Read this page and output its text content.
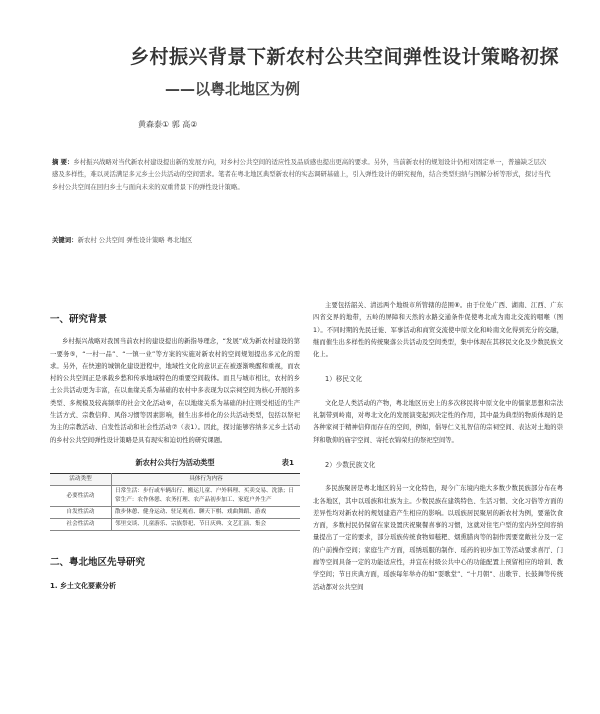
乡村振兴背景下新农村公共空间弹性设计策略初探
——以粤北地区为例
黄森泰① 郭 高②
摘 要：乡村振兴战略对当代新农村建设提出新的发展方向，对乡村公共空间的适应性及品质感也提出更高的要求。另外，当前新农村的规划设计仍相对固定单一，普遍缺乏层次感及多样性，难以灵活满足多元乡土公共活动的空间需求。笔者在粤北地区典型新农村的实态调研基础上，引入弹性设计的研究视角，结合类型归纳与图解分析等形式，探讨当代乡村公共空间在回归乡土与面向未来的双重背景下的弹性设计策略。
关键词：新农村 公共空间 弹性设计策略 粤北地区
一、研究背景

乡村振兴战略对我国当前农村的建设提出的新指导理念，“发展”成为新农村建设的第一要务⑤，“一村一品”、“一镇一业”等方案的实施对新农村的空间规划提出多元化的需求。另外，在快速的城镇化建设进程中，地域性文化的意识正在被逐渐唤醒和重视，而农村的公共空间正是承载乡愁和传承地域特色的重要空间载体。而且与城市相比，农村的乡土公共活动更为丰富，在以血缘关系为基础的农村中多表现为以宗祠空间为核心开展的多类型、多规模及较高频率的社会文化活动⑥，在以地缘关系为基础的村庄则受相近的生产生活方式、宗教信仰、风俗习惯等因素影响，催生出多样化的公共活动类型，包括以祭祀为主的宗教活动、自发性活动和社会性活动⑦（表1）。因此，探讨能够容纳多元乡土活动的乡村公共空间弹性设计策略是具有现实和迫切性的研究课题。

新农村公共行为活动类型	表1
活动类型	具体行为内容
必要性活动	日常生活：步行或车辆出行、搬运儿童、户外料理、买卖交易、洗涤；日常生产：农作休憩、农务打理、农产品初步加工、家庭户外生产
自发性活动	散步休憩、健身运动、驻足观看、聊天下棋、戏曲舞蹈、游戏
社会性活动	邻里交谈、儿童游乐、宗族祭祀、节日庆典、文艺汇演、集会
二、粤北地区先导研究
1. 乡土文化要素分析

主要包括韶关、清远两个地级市所管辖的范围⑧。由于位处广西、湖南、江西、广东四省交界的地带，五岭的屏障和天然的水路交通条件促使粤北成为南北交流的咽喉（图1）。不同时期的先民迁徙、军事活动和商贸交流使中原文化和岭南文化得到充分的交融，继而催生出多样性的传统聚落公共活动及空间类型，集中体现在其移民文化及少数民族文化上。

1）移民文化

文化是人类活动的产物，粤北地区历史上的多次移民将中原文化中的儒家思想和宗法礼制带到岭南，对粤北文化的发展演变起到决定性的作用，其中最为典型的物质体现的是各种家祠于精神信仰而存在的空间，例如，倡导仁义礼智信的宗祠空间、表达对土地的崇拜和敬仰的庙宇空间、寄托衣锦荣归的祭祀空间等。

2）少数民族文化

多民族聚居是粤北地区的另一文化特色，现今广东境内绝大多数少数民族部分布在粤北各地区，其中以瑶族和壮族为主。少数民族在建筑特色、生活习惯、文化习俗等方面的差异性均对新农村的规划建造产生相应的影响。以瑶族居民聚居的新农村为例，要谨饮食方面，多数村民仍保留在家设置庆祝聚餐喜事的习惯，这就对住宅户型的室内外空间容纳量提出了一定的要求，部分瑶族传统食物如糍粑、烟熏腊肉等的制作需要宽敞社分及一定的户前操作空间；家庭生产方面，瑶绣瑶服的制作、瑶药的初步加工等活动要求喜厅、门廊等空间具备一定的功能适应性，并宜在村级公共中心的功能配置上预留相应的培训、教学空间；节日庆典方面，瑶族每年举办的如“耍歌堂”、“十月朝”、出歌节、长鼓舞等传统活动都对公共空间
